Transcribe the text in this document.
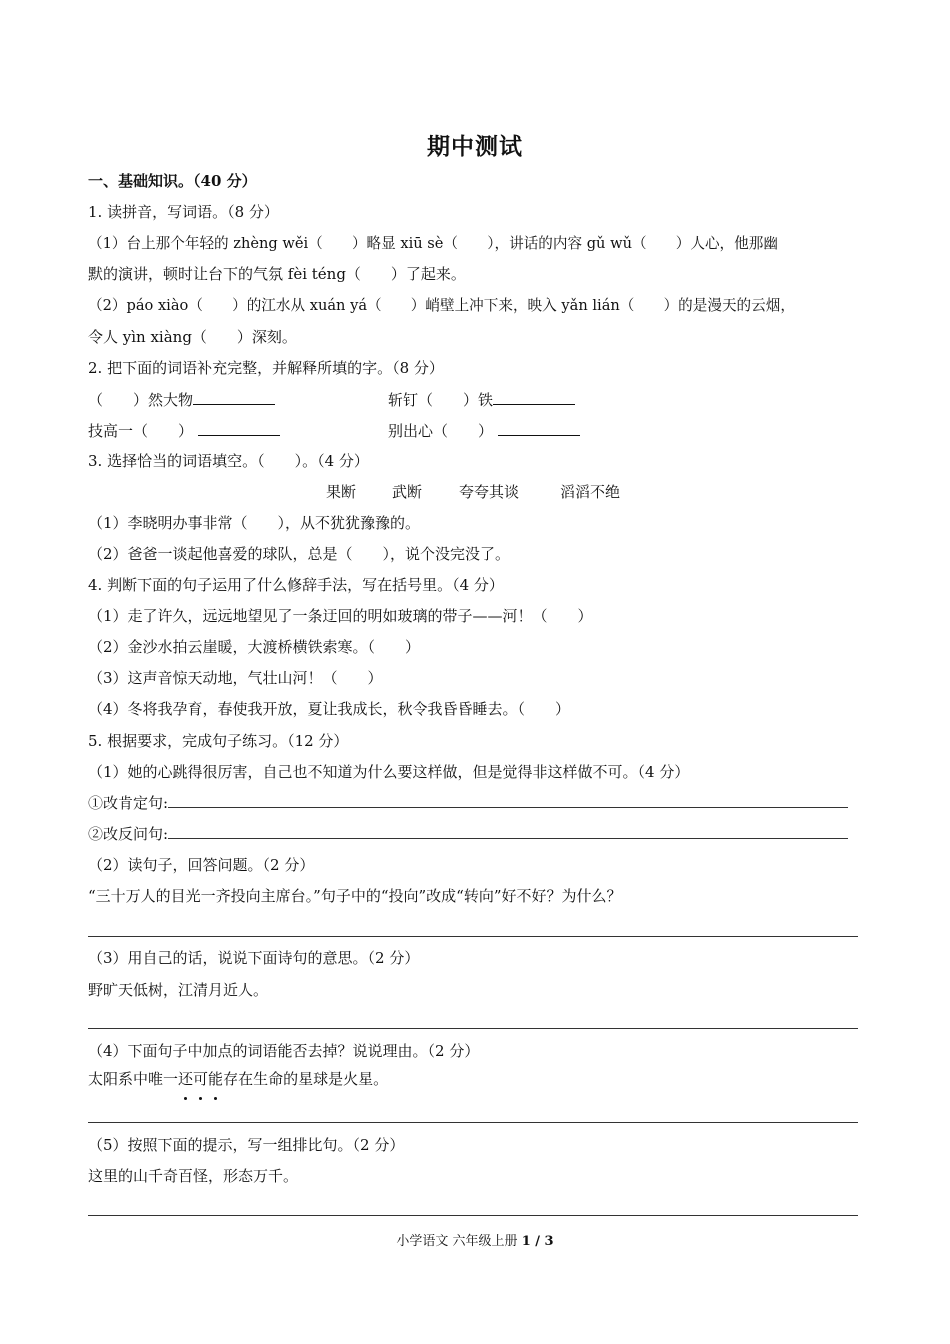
期中测试
一、基础知识。（40 分）
1. 读拼音，写词语。（8 分）
（1）台上那个年轻的 zhèng wěi（　　）略显 xiū sè（　　），讲话的内容 gǔ wǔ（　　）人心，他那幽
默的演讲，顿时让台下的气氛 fèi téng（　　）了起来。
（2）páo xiào（　　）的江水从 xuán yá（　　）峭壁上冲下来，映入 yǎn lián（　　）的是漫天的云烟，
令人 yìn xiàng（　　）深刻。
2. 把下面的词语补充完整，并解释所填的字。（8 分）
（　　）然大物	斩钉（　　）铁
技高一（　　）	别出心（　　）
3. 选择恰当的词语填空。（　　）。（4 分）
果断 武断 夸夸其谈	滔滔不绝
（1）李晓明办事非常（　　），从不犹犹豫豫的。
（2）爸爸一谈起他喜爱的球队，总是（　　），说个没完没了。
4. 判断下面的句子运用了什么修辞手法，写在括号里。（4 分）
（1）走了许久，远远地望见了一条迂回的明如玻璃的带子——河！（　　）
（2）金沙水拍云崖暖，大渡桥横铁索寒。（　　）
（3）这声音惊天动地，气壮山河！（　　）
（4）冬将我孕育，春使我开放，夏让我成长，秋令我昏昏睡去。（　　）
5. 根据要求，完成句子练习。（12 分）
（1）她的心跳得很厉害，自己也不知道为什么要这样做，但是觉得非这样做不可。（4 分）
①改肯定句:
②改反问句:
（2）读句子，回答问题。（2 分）
“三十万人的目光一齐投向主席台。”句子中的“投向”改成“转向”好不好？为什么？
（3）用自己的话，说说下面诗句的意思。（2 分）
野旷天低树，江清月近人。
（4）下面句子中加点的词语能否去掉？说说理由。（2 分）
太阳系中唯一还
可
能
存在生命的星球是火星。
（5）按照下面的提示，写一组排比句。（2 分）
这里的山千奇百怪，形态万千。
小学语文 六年级上册 1 / 3
